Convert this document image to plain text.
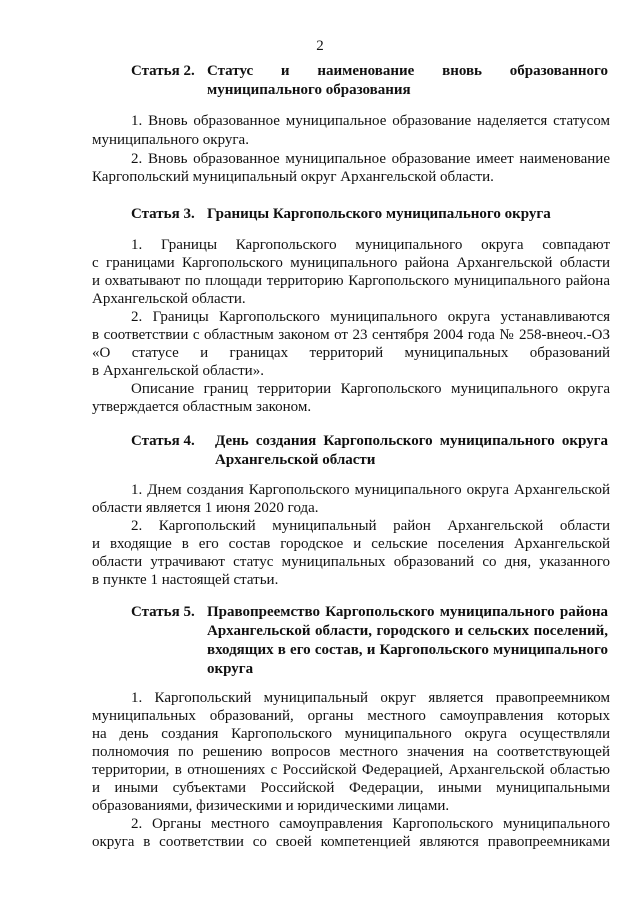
2
Статья 2. Статус и наименование вновь образованного
муниципального образования
1. Вновь образованное муниципальное образование наделяется статусом
муниципального округа.
2. Вновь образованное муниципальное образование имеет наименование
Каргопольский муниципальный округ Архангельской области.
Статья 3. Границы Каргопольского муниципального округа
1. Границы Каргопольского муниципального округа совпадают
с границами Каргопольского муниципального района Архангельской области
и охватывают по площади территорию Каргопольского муниципального района
Архангельской области.
2. Границы Каргопольского муниципального округа устанавливаются
в соответствии с областным законом от 23 сентября 2004 года № 258-внеоч.-ОЗ
«О статусе и границах территорий муниципальных образований
в Архангельской области».
Описание границ территории Каргопольского муниципального округа
утверждается областным законом.
Статья 4.	День создания Каргопольского муниципального округа
Архангельской области
1. Днем создания Каргопольского муниципального округа Архангельской
области является 1 июня 2020 года.
2. Каргопольский муниципальный район Архангельской области
и входящие в его состав городское и сельские поселения Архангельской
области утрачивают статус муниципальных образований со дня, указанного
в пункте 1 настоящей статьи.
Статья 5. Правопреемство Каргопольского муниципального района
Архангельской области, городского и сельских поселений,
входящих в его состав, и Каргопольского муниципального
округа
1. Каргопольский муниципальный округ является правопреемником
муниципальных образований, органы местного самоуправления которых
на день создания Каргопольского муниципального округа осуществляли
полномочия по решению вопросов местного значения на соответствующей
территории, в отношениях с Российской Федерацией, Архангельской областью
и иными субъектами Российской Федерации, иными муниципальными
образованиями, физическими и юридическими лицами.
2. Органы местного самоуправления Каргопольского муниципального
округа в соответствии со своей компетенцией являются правопреемниками
